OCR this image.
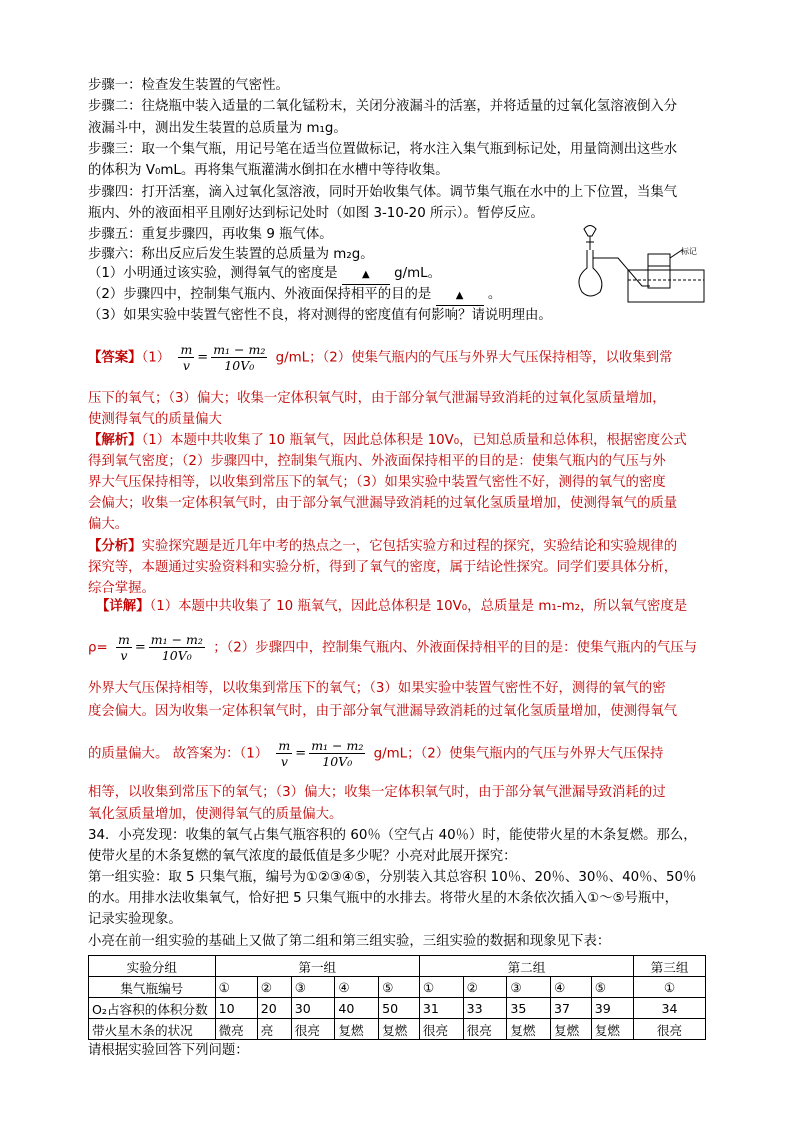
步骤一：检查发生装置的气密性。
步骤二：往烧瓶中装入适量的二氧化锰粉末，关闭分液漏斗的活塞，并将适量的过氧化氢溶液倒入分
液漏斗中，测出发生装置的总质量为 m₁g。
步骤三：取一个集气瓶，用记号笔在适当位置做标记，将水注入集气瓶到标记处，用量筒测出这些水
的体积为 V₀mL。再将集气瓶灌满水倒扣在水槽中等待收集。
步骤四：打开活塞，滴入过氧化氢溶液，同时开始收集气体。调节集气瓶在水中的上下位置，当集气
瓶内、外的液面相平且刚好达到标记处时（如图 3-10-20 所示）。暂停反应。
步骤五：重复步骤四，再收集 9 瓶气体。
步骤六：称出反应后发生装置的总质量为 m₂g。
（1）小明通过该实验，测得氧气的密度是 ▲ g/mL。
（2）步骤四中，控制集气瓶内、外液面保持相平的目的是 ▲ 。
（3）如果实验中装置气密性不良，将对测得的密度值有何影响？请说明理由。
标记
【答案】$(1) \frac{m}{v} = \frac{\text{m₁ − m₂}}{\text{10V₀}} g/mL$；（2）使集气瓶内的气压与外界大气压保持相等，以收集到常
压下的氧气；（3）偏大；收集一定体积氧气时，由于部分氧气泄漏导致消耗的过氧化氢质量增加，
使测得氧气的质量偏大
【解析】（1）本题中共收集了 10 瓶氧气，因此总体积是 10V₀，已知总质量和总体积，根据密度公式
得到氧气密度；（2）步骤四中，控制集气瓶内、外液面保持相平的目的是：使集气瓶内的气压与外
界大气压保持相等，以收集到常压下的氧气；（3）如果实验中装置气密性不好，测得的氧气的密度
会偏大；收集一定体积氧气时，由于部分氧气泄漏导致消耗的过氧化氢质量增加，使测得氧气的质量
偏大。
【分析】实验探究题是近几年中考的热点之一，它包括实验方和过程的探究，实验结论和实验规律的
探究等，本题通过实验资料和实验分析，得到了氧气的密度，属于结论性探究。同学们要具体分析，
综合掌握。
【详解】（1）本题中共收集了 10 瓶氧气，因此总体积是 10V₀，总质量是 m₁-m₂，所以氧气密度是
$\rho= \frac{m}{v} = \frac{\text{m₁ − m₂}}{\text{10V₀}}$ ；（2）步骤四中，控制集气瓶内、外液面保持相平的目的是：使集气瓶内的气压与
外界大气压保持相等，以收集到常压下的氧气；（3）如果实验中装置气密性不好，测得的氧气的密
度会偏大。因为收集一定体积氧气时，由于部分氧气泄漏导致消耗的过氧化氢质量增加，使测得氧气
的质量偏大。 故答案为：$(1) \frac{m}{v} = \frac{\text{m₁ − m₂}}{\text{10V₀}} g/mL$；（2）使集气瓶内的气压与外界大气压保持
相等，以收集到常压下的氧气；（3）偏大；收集一定体积氧气时，由于部分氧气泄漏导致消耗的过
氧化氢质量增加，使测得氧气的质量偏大。
34．小亮发现：收集的氧气占集气瓶容积的 60％（空气占 40％）时，能使带火星的木条复燃。那么，
使带火星的木条复燃的氧气浓度的最低值是多少呢？小亮对此展开探究：
第一组实验：取 5 只集气瓶，编号为①②③④⑤，分别装入其总容积 10％、20％、30％、40％、50％
的水。用排水法收集氧气，恰好把 5 只集气瓶中的水排去。将带火星的木条依次插入①～⑤号瓶中，
记录实验现象。
小亮在前一组实验的基础上又做了第二组和第三组实验，三组实验的数据和现象见下表：
实验分组	第一组					第二组					第三组
集气瓶编号	①	②	③	④	⑤	①	②	③	④	⑤	①
O₂占容积的体积分数	10	20	30	40	50	31	33	35	37	39	34
带火星木条的状况	微亮	亮	很亮	复燃	复燃	很亮	很亮	复燃	复燃	复燃	很亮
请根据实验回答下列问题：
